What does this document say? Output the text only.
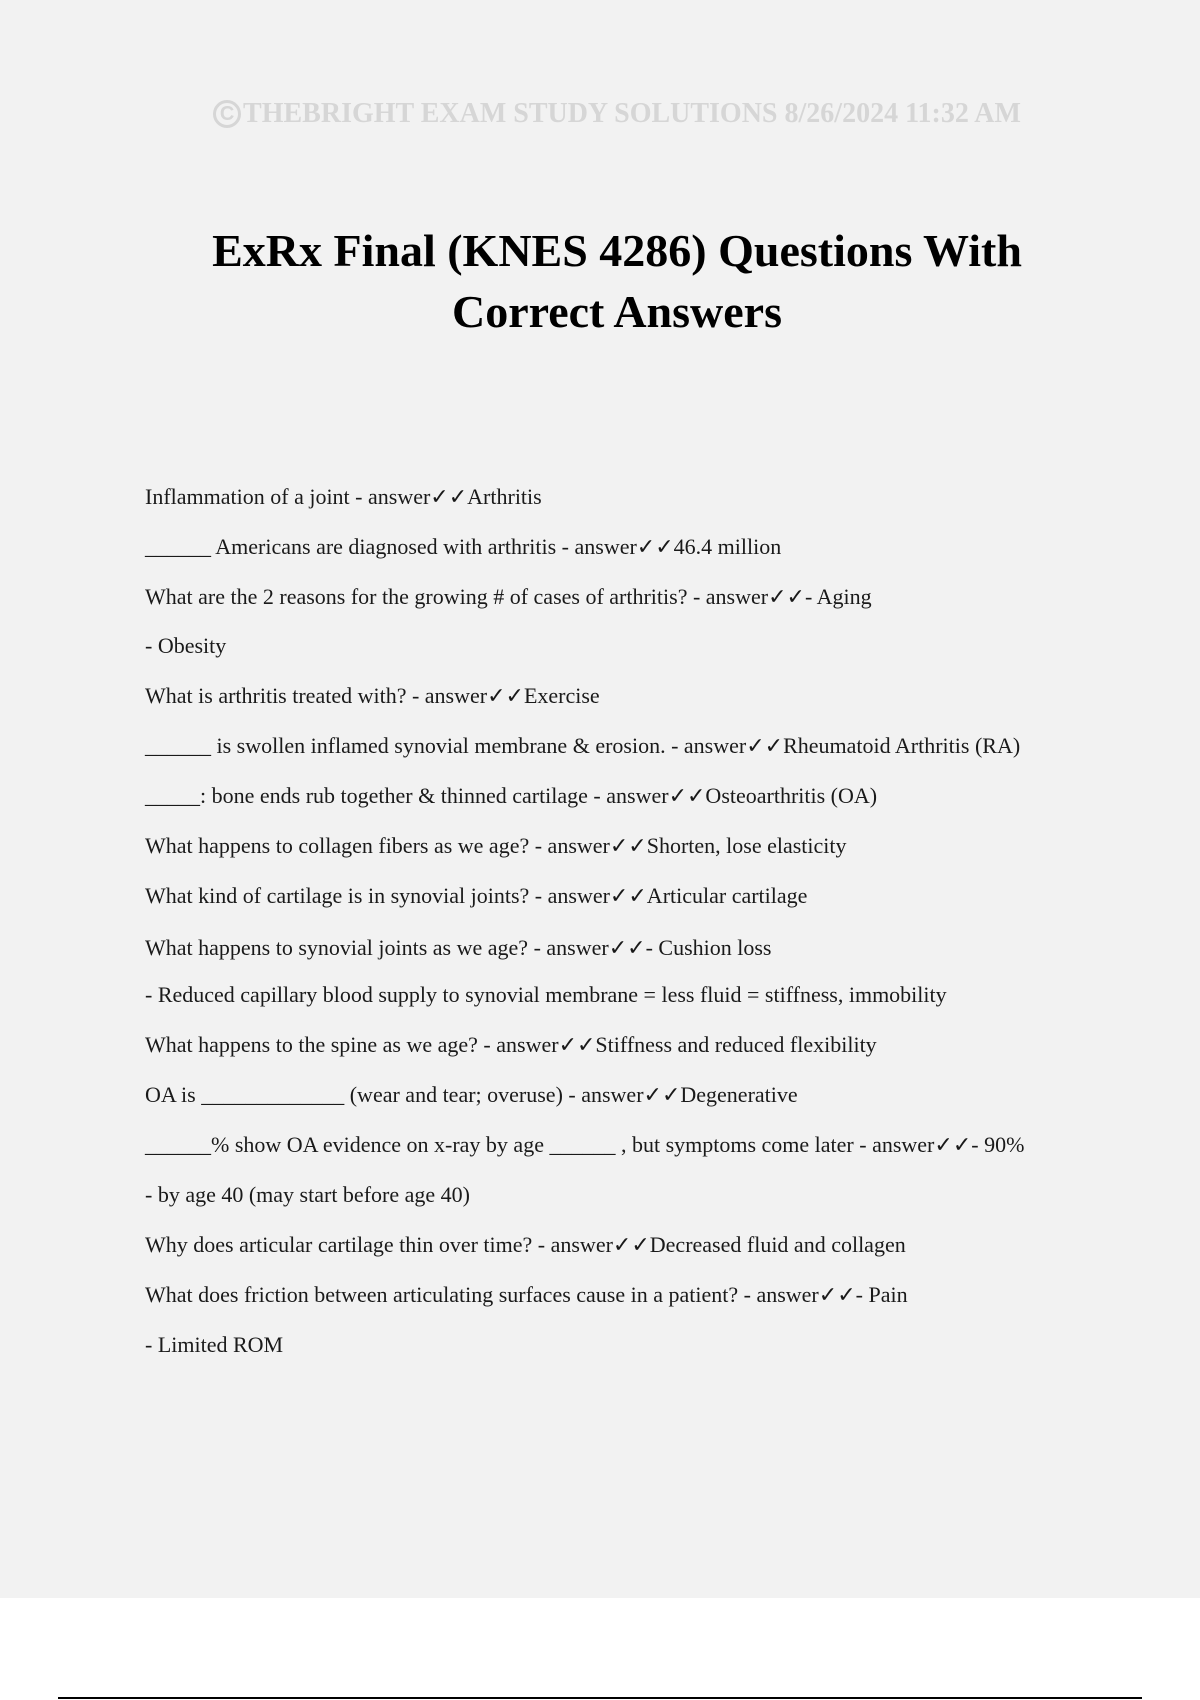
C THEBRIGHT EXAM STUDY SOLUTIONS 8/26/2024 11:32 AM
ExRx Final (KNES 4286) Questions With
Correct Answers

Inflammation of a joint - answer✓✓Arthritis

______ Americans are diagnosed with arthritis - answer✓✓46.4 million

What are the 2 reasons for the growing # of cases of arthritis? - answer✓✓- Aging

- Obesity

What is arthritis treated with? - answer✓✓Exercise

______ is swollen inflamed synovial membrane & erosion. - answer✓✓Rheumatoid Arthritis (RA)

_____: bone ends rub together & thinned cartilage - answer✓✓Osteoarthritis (OA)

What happens to collagen fibers as we age? - answer✓✓Shorten, lose elasticity

What kind of cartilage is in synovial joints? - answer✓✓Articular cartilage

What happens to synovial joints as we age? - answer✓✓- Cushion loss

- Reduced capillary blood supply to synovial membrane = less fluid = stiffness, immobility

What happens to the spine as we age? - answer✓✓Stiffness and reduced flexibility

OA is _____________ (wear and tear; overuse) - answer✓✓Degenerative

______% show OA evidence on x-ray by age ______ , but symptoms come later - answer✓✓- 90%

- by age 40 (may start before age 40)

Why does articular cartilage thin over time? - answer✓✓Decreased fluid and collagen

What does friction between articulating surfaces cause in a patient? - answer✓✓- Pain

- Limited ROM
